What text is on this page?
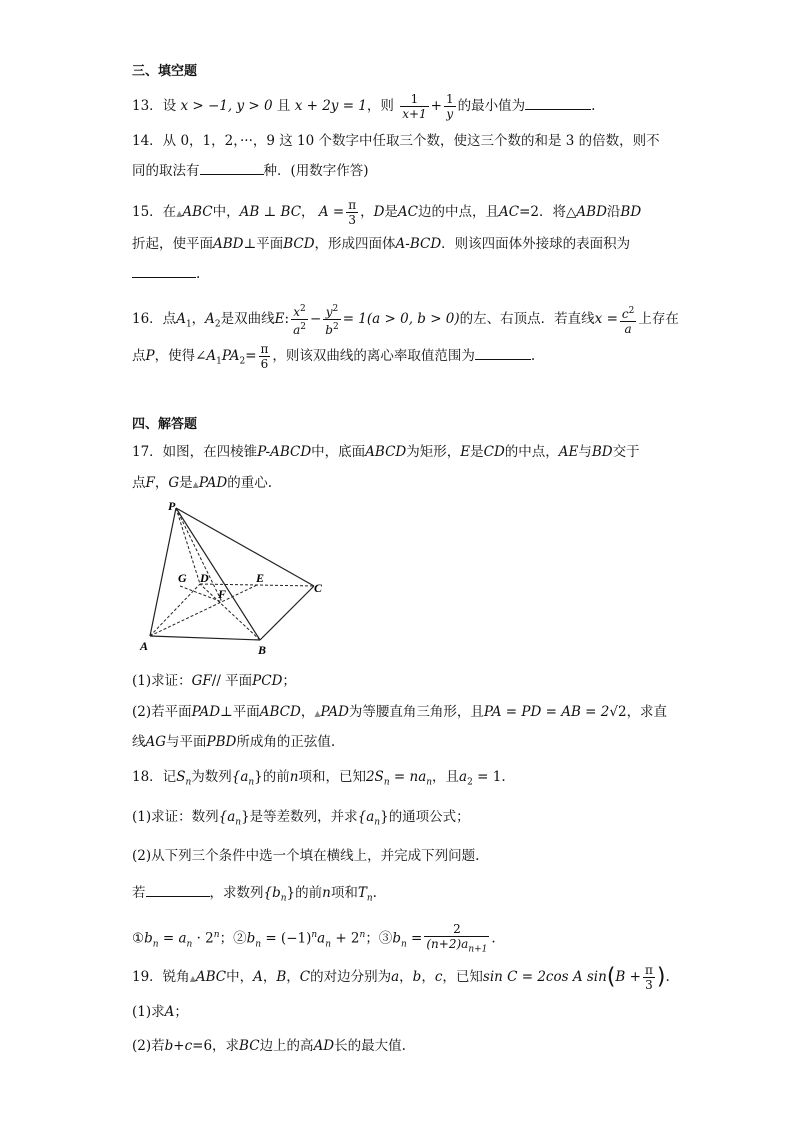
三、填空题
13．设 x > −1, y > 0 且 x + 2y = 1，则 $\frac{1}{x+1} + \frac{1}{y}$ 的最小值为	.
14．从 0，1，2，···，9 这 10 个数字中任取三个数，使这三个数的和是 3 的倍数，则不
同的取法有	种．(用数字作答)
15．在▲ABC中，AB ⊥ BC， $A = \frac{\pi}{3}$ ，D是AC边的中点，且AC=2．将△ABD沿BD
折起，使平面ABD⊥平面BCD，形成四面体A-BCD．则该四面体外接球的表面积为
.
16．点$A_1$，$A_2$是双曲线E: $\frac{x^2}{a^2} - \frac{y^2}{b^2} = 1(a > 0$, b > 0)的左、右顶点．若直线$x = \frac{c^2}{a}$ 上存在
点P，使得$\angle A_1PA_2= \frac{\pi}{6}$ ，则该双曲线的离心率取值范围为	.
四、解答题
17．如图，在四棱锥P-ABCD中，底面ABCD为矩形，E是CD的中点，AE与BD交于
点F，G是▲PAD的重心.
P
G D	E
C
F
A	B
(1)求证：GF// 平面PCD；
(2)若平面PAD⊥平面ABCD，▲PAD为等腰直角三角形，且PA = PD = AB = 2√2，求直
线AG与平面PBD所成角的正弦值.
18．记$S_n$为数列$\{a_n\}$的前n项和，已知$2S_n = na_n$，且$a_2 = 1$.
(1)求证：数列$\{a_n\}$是等差数列，并求$\{a_n\}$的通项公式；
(2)从下列三个条件中选一个填在横线上，并完成下列问题.
若	，求数列$\{b_n\}$的前n项和$T_n$.
$①b_n = a_n \cdot 2^n$；$②b_n = (-1)^na_n + 2^n$；$③b_n = \frac{2}{(n+2)a_{n+1}}$ .
19．锐角▲ABC中，A，B，C的对边分别为a，b，c，已知sin C = 2cos A $\sin(B + \frac{\pi}{3}$ ).
(1)求A；
(2)若b+c=6，求BC边上的高AD长的最大值.
